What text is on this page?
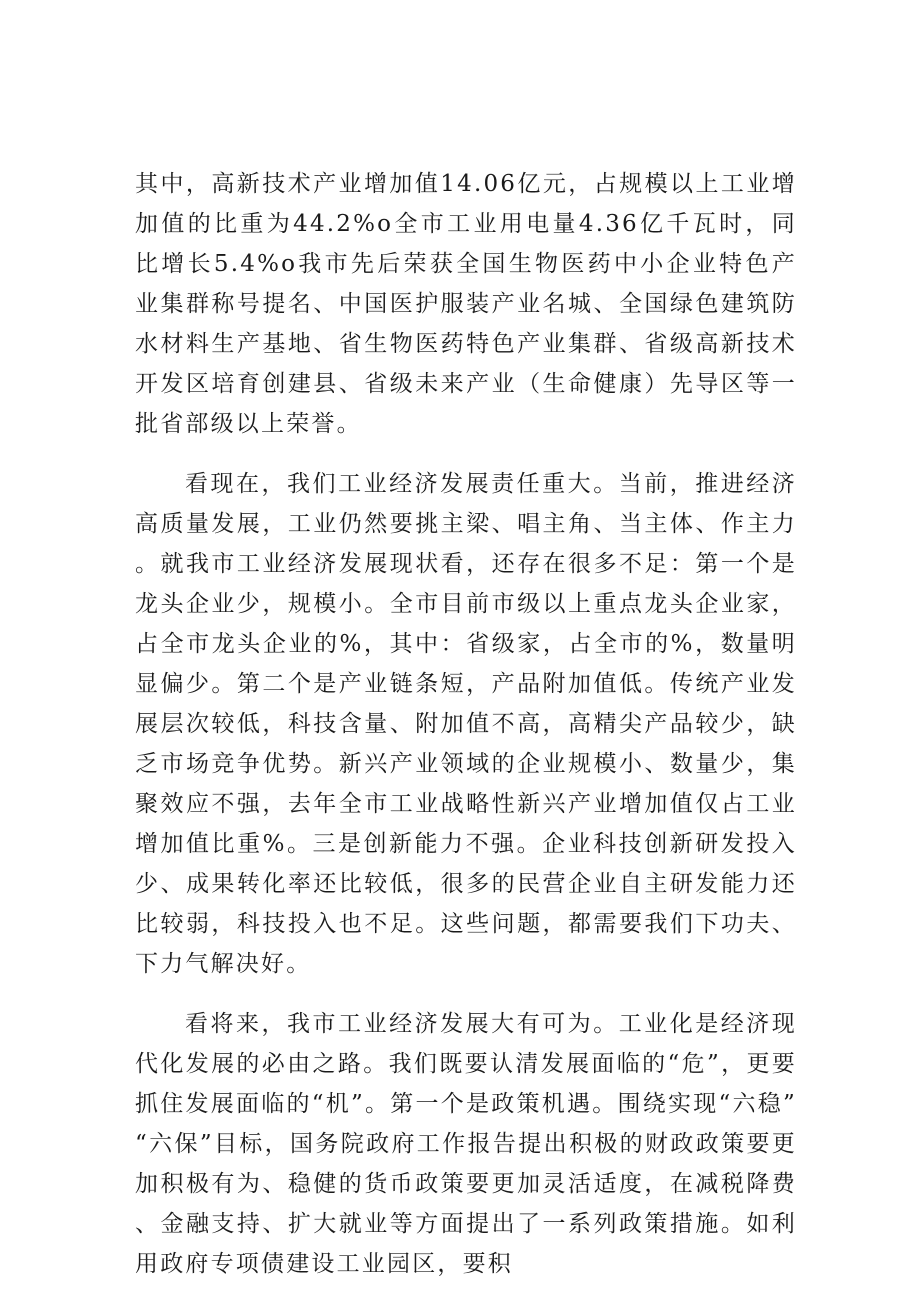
其中，高新技术产业增加值14.06亿元，占规模以上工业增加值的比重为44.2%o全市工业用电量4.36亿千瓦时，同比增长5.4%o我市先后荣获全国生物医药中小企业特色产业集群称号提名、中国医护服装产业名城、全国绿色建筑防水材料生产基地、省生物医药特色产业集群、省级高新技术开发区培育创建县、省级未来产业（生命健康）先导区等一批省部级以上荣誉。

看现在，我们工业经济发展责任重大。当前，推进经济高质量发展，工业仍然要挑主梁、唱主角、当主体、作主力。就我市工业经济发展现状看，还存在很多不足：第一个是龙头企业少，规模小。全市目前市级以上重点龙头企业家，占全市龙头企业的%，其中：省级家，占全市的%，数量明显偏少。第二个是产业链条短，产品附加值低。传统产业发展层次较低，科技含量、附加值不高，高精尖产品较少，缺乏市场竞争优势。新兴产业领域的企业规模小、数量少，集聚效应不强，去年全市工业战略性新兴产业增加值仅占工业增加值比重%。三是创新能力不强。企业科技创新研发投入少、成果转化率还比较低，很多的民营企业自主研发能力还比较弱，科技投入也不足。这些问题，都需要我们下功夫、下力气解决好。

看将来，我市工业经济发展大有可为。工业化是经济现代化发展的必由之路。我们既要认清发展面临的“危”，更要抓住发展面临的“机”。第一个是政策机遇。围绕实现“六稳”“六保”目标，国务院政府工作报告提出积极的财政政策要更加积极有为、稳健的货币政策要更加灵活适度，在减税降费、金融支持、扩大就业等方面提出了一系列政策措施。如利用政府专项债建设工业园区，要积
